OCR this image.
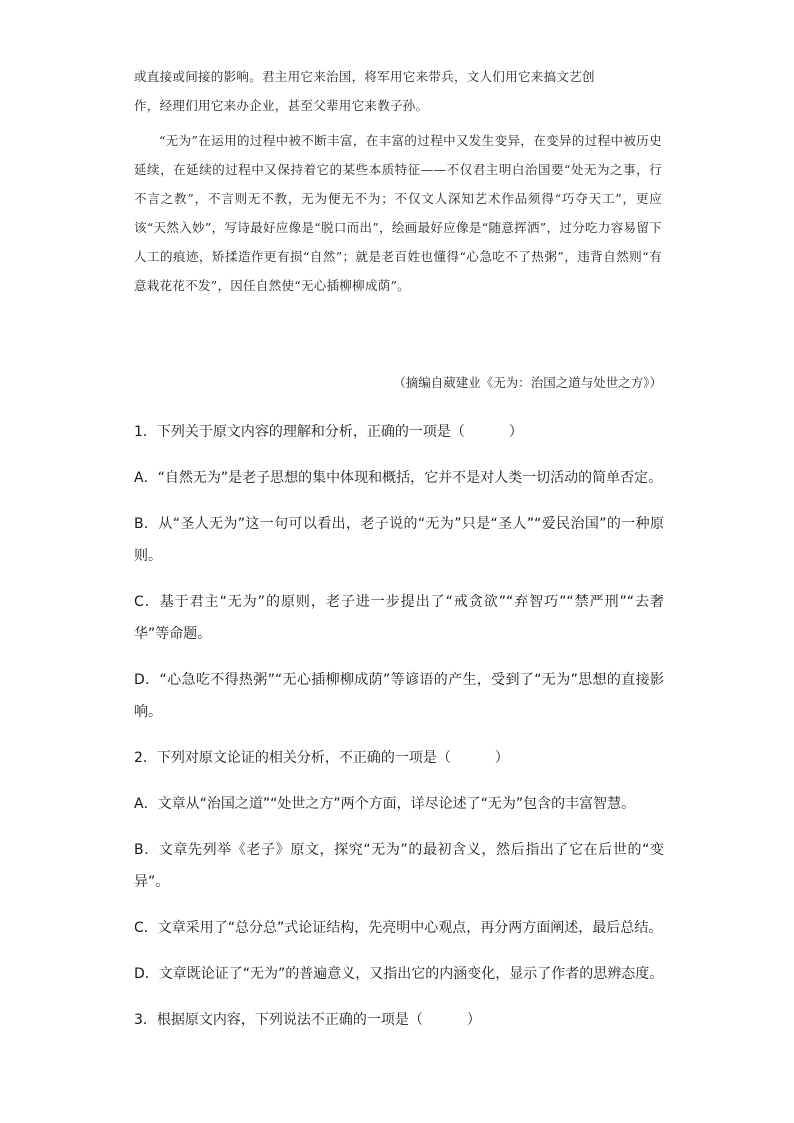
或直接或间接的影响。君主用它来治国，将军用它来带兵，文人们用它来搞文艺创
作，经理们用它来办企业，甚至父辈用它来教子孙。

“无为”在运用的过程中被不断丰富，在丰富的过程中又发生变异，在变异的过程中被历史延续，在延续的过程中又保持着它的某些本质特征——不仅君主明白治国要“处无为之事，行不言之教”，不言则无不教，无为便无不为；不仅文人深知艺术作品须得“巧夺天工”，更应该“天然入妙”，写诗最好应像是“脱口而出”，绘画最好应像是“随意挥洒”，过分吃力容易留下人工的痕迹，矫揉造作更有损“自然”；就是老百姓也懂得“心急吃不了热粥”，违背自然则“有意栽花花不发”，因任自然使“无心插柳柳成荫”。

（摘编自葳建业《无为：治国之道与处世之方》）
1．下列关于原文内容的理解和分析，正确的一项是（	）
A．“自然无为”是老子思想的集中体现和概括，它并不是对人类一切活动的简单否定。
B．从“圣人无为”这一句可以看出，老子说的“无为”只是“圣人”“爱民治国”的一种原则。
C．基于君主“无为”的原则，老子进一步提出了“戒贪欲”“弃智巧”“禁严刑”“去奢华”等命题。
D．“心急吃不得热粥”“无心插柳柳成荫”等谚语的产生，受到了“无为”思想的直接影响。
2．下列对原文论证的相关分析，不正确的一项是（	）
A．文章从“治国之道”“处世之方”两个方面，详尽论述了“无为”包含的丰富智慧。
B．文章先列举《老子》原文，探究“无为”的最初含义，然后指出了它在后世的“变异”。
C．文章采用了“总分总”式论证结构，先亮明中心观点，再分两方面阐述，最后总结。
D．文章既论证了“无为”的普遍意义，又指出它的内涵变化，显示了作者的思辨态度。
3．根据原文内容，下列说法不正确的一项是（	）
